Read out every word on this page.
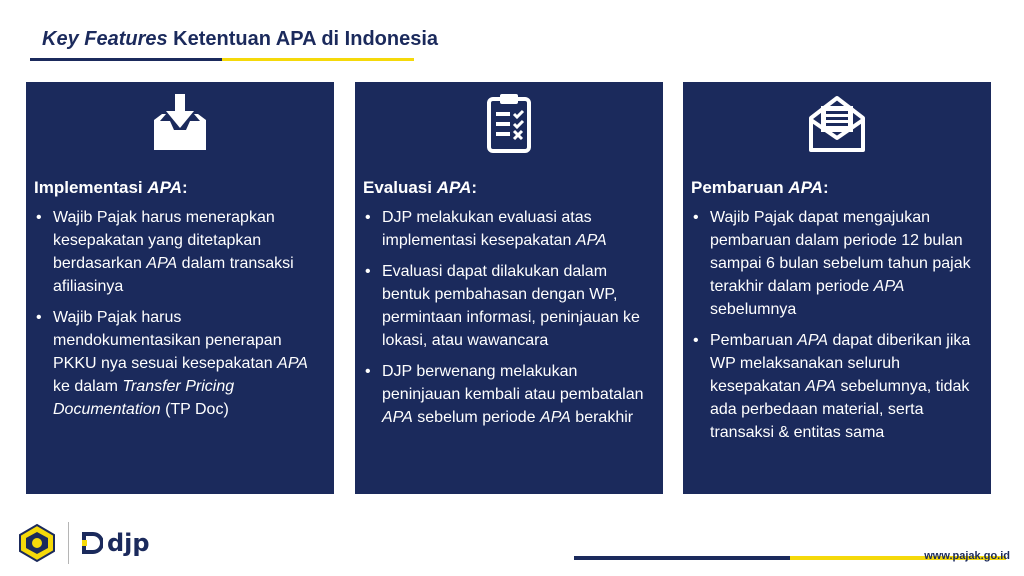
Key Features Ketentuan APA di Indonesia
Implementasi APA:
• Wajib Pajak harus menerapkan kesepakatan yang ditetapkan berdasarkan APA dalam transaksi afiliasinya
• Wajib Pajak harus mendokumentasikan penerapan PKKU nya sesuai kesepakatan APA ke dalam Transfer Pricing Documentation (TP Doc)
Evaluasi APA:
• DJP melakukan evaluasi atas implementasi kesepakatan APA
• Evaluasi dapat dilakukan dalam bentuk pembahasan dengan WP, permintaan informasi, peninjauan ke lokasi, atau wawancara
• DJP berwenang melakukan peninjauan kembali atau pembatalan APA sebelum periode APA berakhir
Pembaruan APA:
• Wajib Pajak dapat mengajukan pembaruan dalam periode 12 bulan sampai 6 bulan sebelum tahun pajak terakhir dalam periode APA sebelumnya
• Pembaruan APA dapat diberikan jika WP melaksanakan seluruh kesepakatan APA sebelumnya, tidak ada perbedaan material, serta transaksi & entitas sama
djp	www.pajak.go.id
